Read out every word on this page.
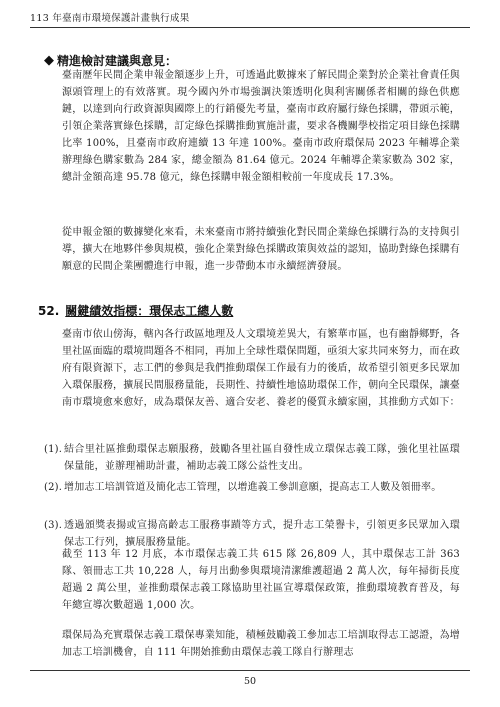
113 年臺南市環境保護計畫執行成果
◆ 精進檢討建議與意見：

臺南歷年民間企業申報金額逐步上升，可透過此數據來了解民間企業對於企業社會責任與源頭管理上的有效落實。現今國內外市場強調決策透明化與利害關係者相關的綠色供應鏈，以達到向行政資源與國際上的行銷優先考量，臺南市政府屬行綠色採購，帶頭示範，引領企業落實綠色採購，訂定綠色採購推動實施計畫，要求各機關學校指定項目綠色採購比率 100%，且臺南市政府連續 13 年達 100%。臺南市政府環保局 2023 年輔導企業辦理綠色購家數為 284 家，總金額為 81.64 億元。2024 年輔導企業家數為 302 家，總計金額高達 95.78 億元，綠色採購申報金額相較前一年度成長 17.3%。

從申報金額的數據變化來看，未來臺南市將持續強化對民間企業綠色採購行為的支持與引導，擴大在地夥伴參與規模，強化企業對綠色採購政策與效益的認知，協助對綠色採購有願意的民間企業團體進行申報，進一步帶動本市永續經濟發展。

52. 關鍵績效指標：環保志工總人數

臺南市依山傍海，轄內各行政區地理及人文環境差異大，有繁華市區，也有幽靜鄉野，各里社區面臨的環境問題各不相同，再加上全球性環保問題，亟須大家共同來努力，而在政府有限資源下，志工們的參與是我們推動環保工作最有力的後盾，故希望引領更多民眾加入環保服務，擴展民間服務量能，長期性、持續性地協助環保工作，朝向全民環保，讓臺南市環境愈來愈好，成為環保友善、適合安老、養老的優質永續家園，其推動方式如下：

(1). 結合里社區推動環保志願服務，鼓勵各里社區自發性成立環保志義工隊，強化里社區環保量能，並辦理補助計畫，補助志義工隊公益性支出。
(2). 增加志工培訓管道及簡化志工管理，以增進義工參訓意願，提高志工人數及領冊率。
(3). 透過頒獎表揚或宣揚高齡志工服務事蹟等方式，提升志工榮譽卡，引領更多民眾加入環保志工行列，擴展服務量能。

截至 113 年 12 月底，本市環保志義工共 615 隊 26,809 人，其中環保志工計 363 隊、領冊志工共 10,228 人，每月出動參與環境清潔維護超過 2 萬人次，每年掃街長度超過 2 萬公里，並推動環保志義工隊協助里社區宣導環保政策，推動環境教育普及，每年總宣導次數超過 1,000 次。

環保局為充實環保志義工環保專業知能，積極鼓勵義工參加志工培訓取得志工認證，為增加志工培訓機會，自 111 年開始推動由環保志義工隊自行辦理志

50
